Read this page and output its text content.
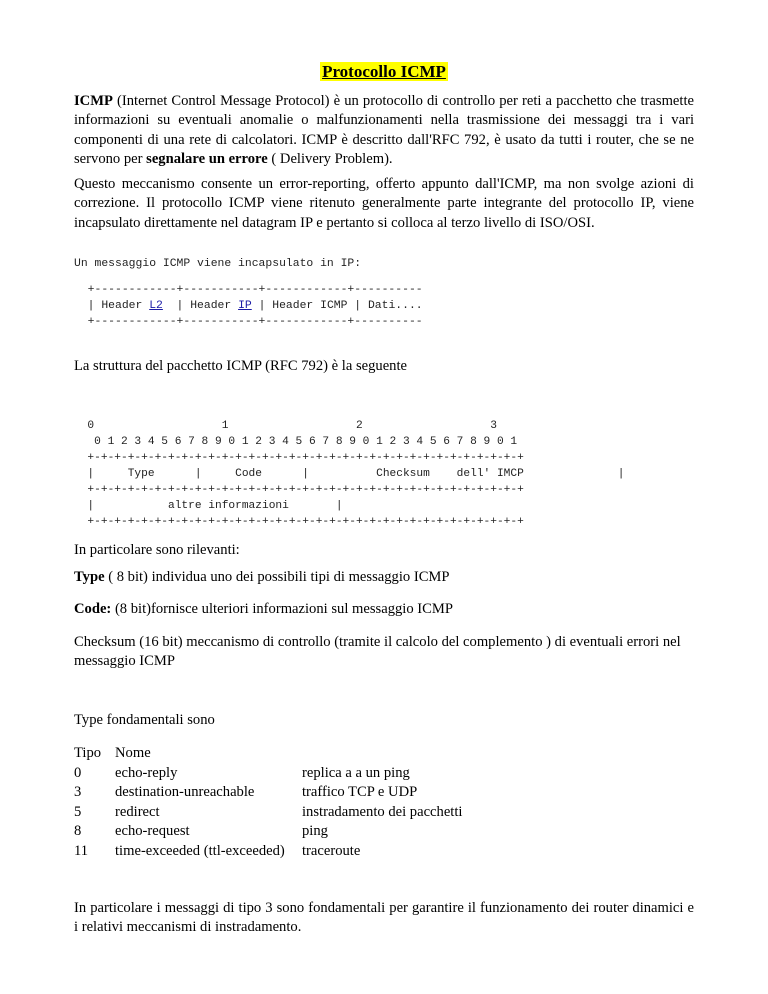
Protocollo ICMP

ICMP (Internet Control Message Protocol) è un protocollo di controllo per reti a pacchetto che trasmette informazioni su eventuali anomalie o malfunzionamenti nella trasmissione dei messaggi tra i vari componenti di una rete di calcolatori. ICMP è descritto dall'RFC 792, è usato da tutti i router, che se ne servono per segnalare un errore ( Delivery Problem).

Questo meccanismo consente un error-reporting, offerto appunto dall'ICMP, ma non svolge azioni di correzione. Il protocollo ICMP viene ritenuto generalmente parte integrante del protocollo IP, viene incapsulato direttamente nel datagram IP e pertanto si colloca al terzo livello di ISO/OSI.

Un messaggio ICMP viene incapsulato in IP:
+------------+-----------+------------+----------
| Header L2  | Header IP | Header ICMP | Dati....
+------------+-----------+------------+----------

La struttura del pacchetto ICMP (RFC 792) è la seguente

0                   1                   2                   3
0 1 2 3 4 5 6 7 8 9 0 1 2 3 4 5 6 7 8 9 0 1 2 3 4 5 6 7 8 9 0 1
+-+-+-+-+-+-+-+-+-+-+-+-+-+-+-+-+-+-+-+-+-+-+-+-+-+-+-+-+-+-+-+-+
|     Type      |     Code      |          Checksum    dell' IMCP              |
+-+-+-+-+-+-+-+-+-+-+-+-+-+-+-+-+-+-+-+-+-+-+-+-+-+-+-+-+-+-+-+-+
|           altre informazioni       |
+-+-+-+-+-+-+-+-+-+-+-+-+-+-+-+-+-+-+-+-+-+-+-+-+-+-+-+-+-+-+-+-+

In particolare sono rilevanti:

Type ( 8 bit) individua uno dei possibili tipi di messaggio ICMP

Code: (8 bit)fornisce ulteriori informazioni sul messaggio ICMP

Checksum (16 bit) meccanismo di controllo (tramite il calcolo del complemento ) di eventuali errori nel messaggio ICMP

Type fondamentali sono

Tipo	Nome	
0	echo-reply	replica a a un ping
3	destination-unreachable	traffico TCP e UDP
5	redirect	instradamento dei pacchetti
8	echo-request	ping
11	time-exceeded (ttl-exceeded)	traceroute

In particolare i messaggi di tipo 3 sono fondamentali per garantire il funzionamento dei router dinamici e i relativi meccanismi di instradamento.
